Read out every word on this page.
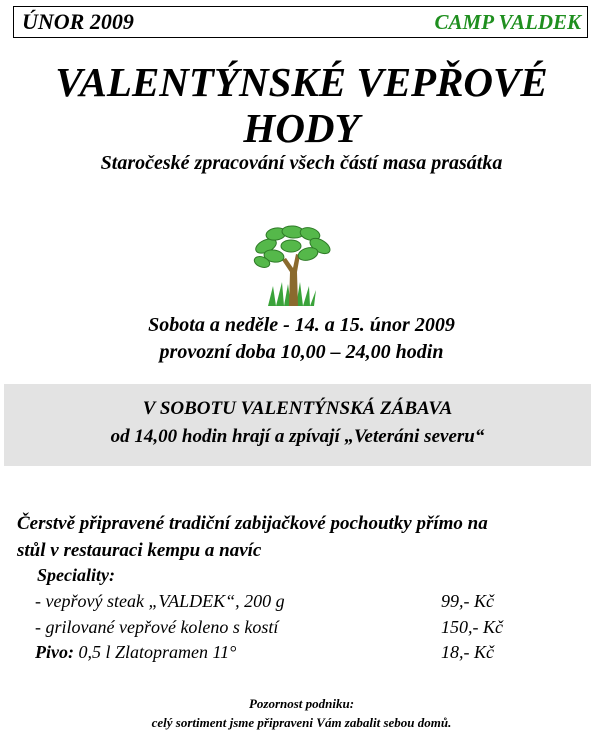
ÚNOR 2009	CAMP VALDEK
VALENTÝNSKÉ VEPŘOVÉ
HODY
Staročeské zpracování všech částí masa prasátka
Sobota a neděle - 14. a 15. únor 2009
provozní doba 10,00 – 24,00 hodin
V SOBOTU VALENTÝNSKÁ ZÁBAVA
od 14,00 hodin hrají a zpívají „Veteráni severu“
Čerstvě připravené tradiční zabijačkové pochoutky přímo na
stůl v restauraci kempu a navíc
Speciality:
- vepřový steak „VALDEK“, 200 g	99,- Kč
- grilované vepřové koleno s kostí	150,- Kč
Pivo: 0,5 l Zlatopramen 11°	18,- Kč
Pozornost podniku:
celý sortiment jsme připraveni Vám zabalit sebou domů.
